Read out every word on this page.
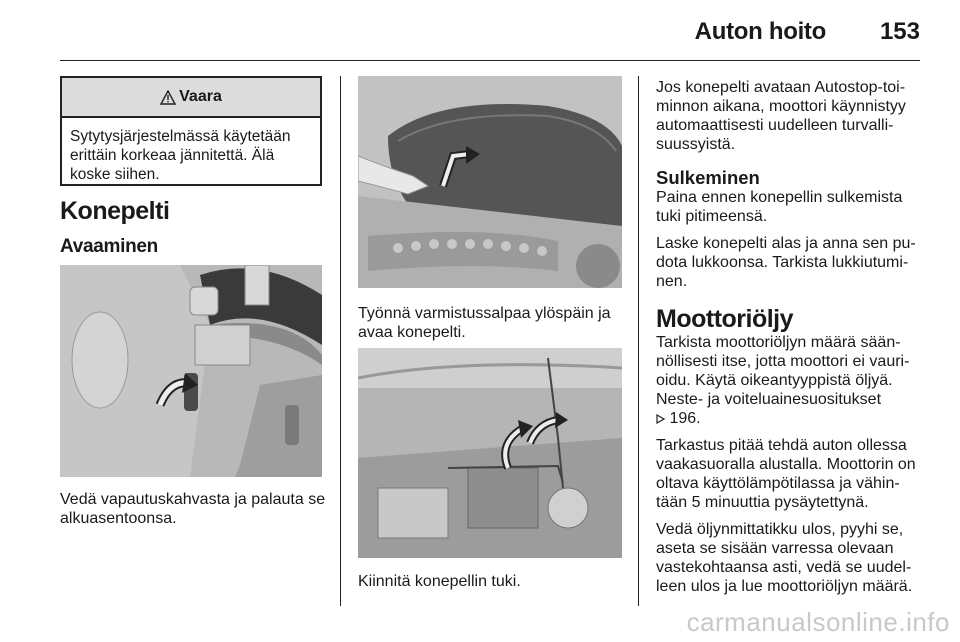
Auton hoito 153
Vaara
Sytytysjärjestelmässä käytetään
erittäin korkeaa jännitettä. Älä
koske siihen.
Konepelti
Avaaminen
Vedä vapautuskahvasta ja palauta se
alkuasentoonsa.
Työnnä varmistussalpaa ylöspäin ja
avaa konepelti.
Kiinnitä konepellin tuki.

Jos konepelti avataan Autostop-toi-
minnon aikana, moottori käynnistyy
automaattisesti uudelleen turvalli-
suussyistä.

Sulkeminen

Paina ennen konepellin sulkemista
tuki pitimeensä.

Laske konepelti alas ja anna sen pu-
dota lukkoonsa. Tarkista lukkiutumi-
nen.

Moottoriöljy

Tarkista moottoriöljyn määrä sään-
nöllisesti itse, jotta moottori ei vauri-
oidu. Käytä oikeantyyppistä öljyä.
Neste- ja voiteluainesuositukset
196.

Tarkastus pitää tehdä auton ollessa
vaakasuoralla alustalla. Moottorin on
oltava käyttölämpötilassa ja vähin-
tään 5 minuuttia pysäytettynä.

Vedä öljynmittatikku ulos, pyyhi se,
aseta se sisään varressa olevaan
vastekohtaansa asti, vedä se uudel-
leen ulos ja lue moottoriöljyn määrä.

carmanualsonline.info
